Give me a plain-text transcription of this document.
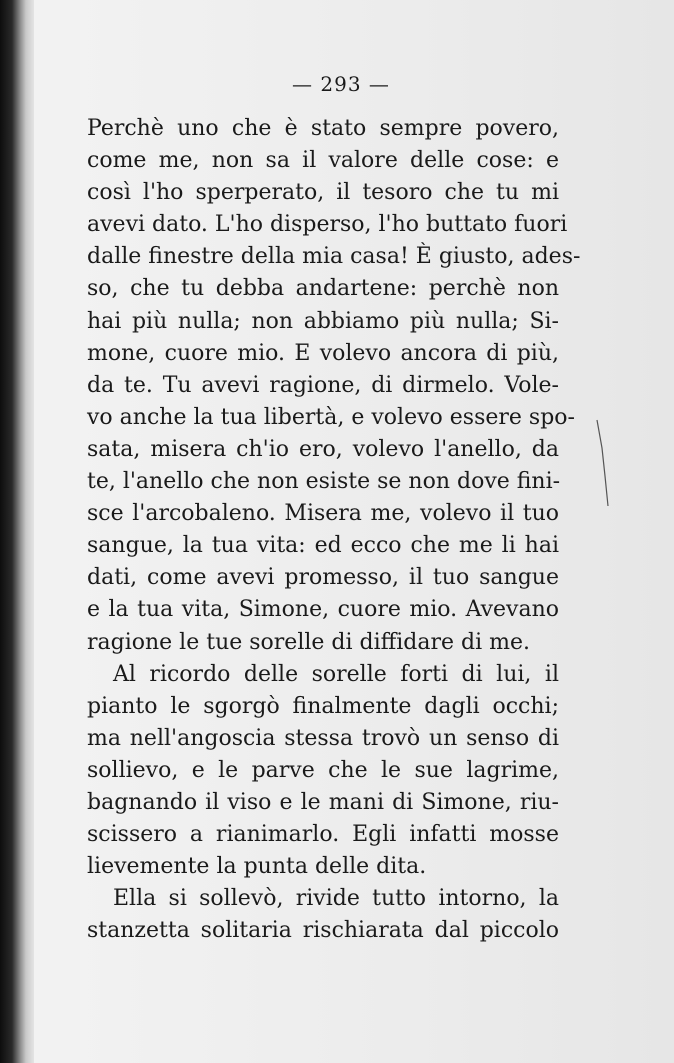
— 293 —
Perchè uno che è stato sempre povero,
come me, non sa il valore delle cose: e
così l'ho sperperato, il tesoro che tu mi
avevi dato. L'ho disperso, l'ho buttato fuori
dalle finestre della mia casa! È giusto, ades-
so, che tu debba andartene: perchè non
hai più nulla; non abbiamo più nulla; Si-
mone, cuore mio. E volevo ancora di più,
da te. Tu avevi ragione, di dirmelo. Vole-
vo anche la tua libertà, e volevo essere spo-
sata, misera ch'io ero, volevo l'anello, da
te, l'anello che non esiste se non dove fini-
sce l'arcobaleno. Misera me, volevo il tuo
sangue, la tua vita: ed ecco che me li hai
dati, come avevi promesso, il tuo sangue
e la tua vita, Simone, cuore mio. Avevano
ragione le tue sorelle di diffidare di me.
Al ricordo delle sorelle forti di lui, il
pianto le sgorgò finalmente dagli occhi;
ma nell'angoscia stessa trovò un senso di
sollievo, e le parve che le sue lagrime,
bagnando il viso e le mani di Simone, riu-
scissero a rianimarlo. Egli infatti mosse
lievemente la punta delle dita.
Ella si sollevò, rivide tutto intorno, la
stanzetta solitaria rischiarata dal piccolo
